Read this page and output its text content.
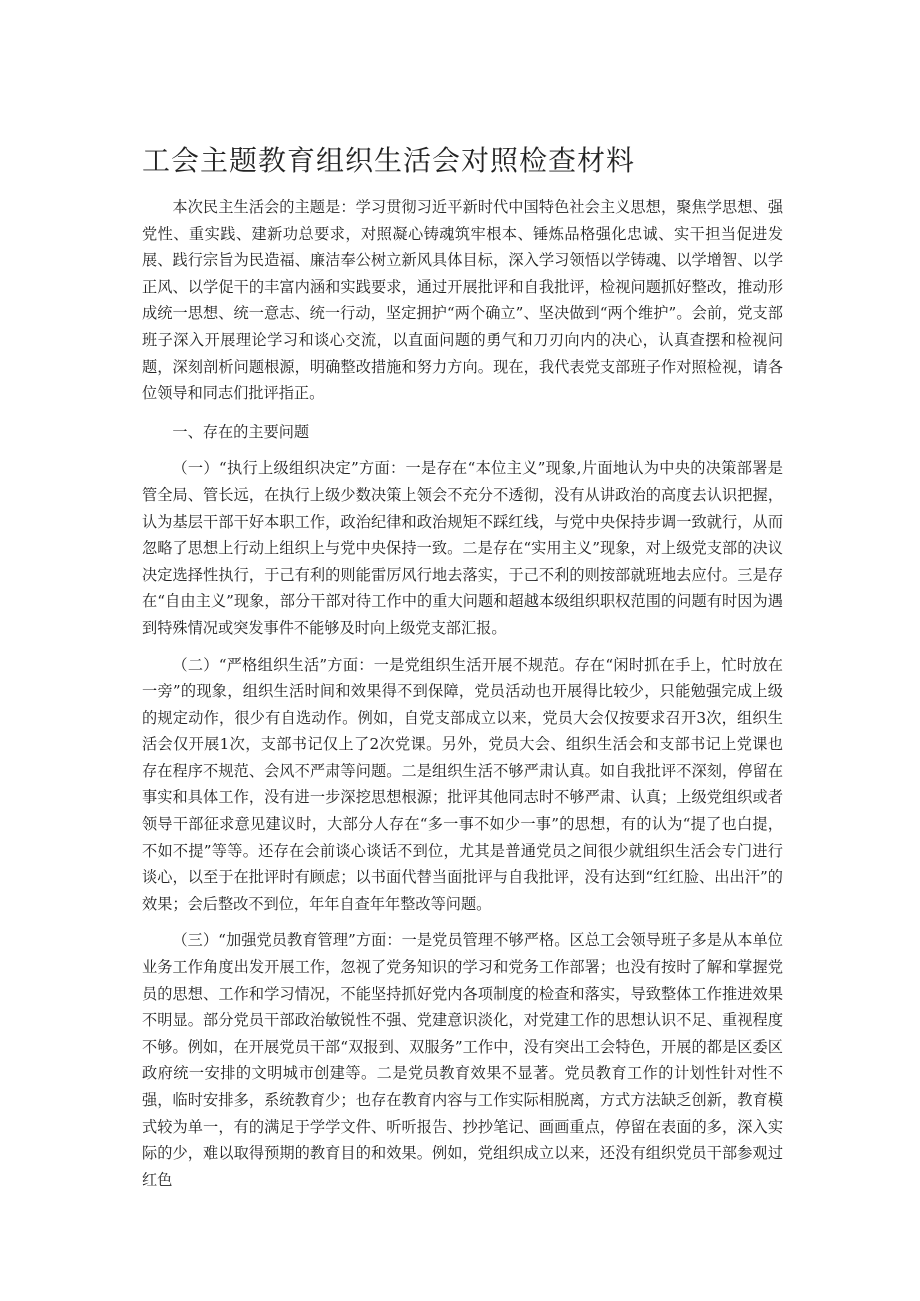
工会主题教育组织生活会对照检查材料

本次民主生活会的主题是：学习贯彻习近平新时代中国特色社会主义思想，聚焦学思想、强党性、重实践、建新功总要求，对照凝心铸魂筑牢根本、锤炼品格强化忠诚、实干担当促进发展、践行宗旨为民造福、廉洁奉公树立新风具体目标，深入学习领悟以学铸魂、以学增智、以学正风、以学促干的丰富内涵和实践要求，通过开展批评和自我批评，检视问题抓好整改，推动形成统一思想、统一意志、统一行动，坚定拥护“两个确立”、坚决做到“两个维护”。会前，党支部班子深入开展理论学习和谈心交流，以直面问题的勇气和刀刃向内的决心，认真查摆和检视问题，深刻剖析问题根源，明确整改措施和努力方向。现在，我代表党支部班子作对照检视，请各位领导和同志们批评指正。

一、存在的主要问题

（一）“执行上级组织决定”方面：一是存在“本位主义”现象,片面地认为中央的决策部署是管全局、管长远，在执行上级少数决策上领会不充分不透彻，没有从讲政治的高度去认识把握，认为基层干部干好本职工作，政治纪律和政治规矩不踩红线，与党中央保持步调一致就行，从而忽略了思想上行动上组织上与党中央保持一致。二是存在“实用主义”现象，对上级党支部的决议决定选择性执行，于己有利的则能雷厉风行地去落实，于己不利的则按部就班地去应付。三是存在“自由主义”现象，部分干部对待工作中的重大问题和超越本级组织职权范围的问题有时因为遇到特殊情况或突发事件不能够及时向上级党支部汇报。

（二）“严格组织生活”方面：一是党组织生活开展不规范。存在“闲时抓在手上，忙时放在一旁”的现象，组织生活时间和效果得不到保障，党员活动也开展得比较少，只能勉强完成上级的规定动作，很少有自选动作。例如，自党支部成立以来，党员大会仅按要求召开3次，组织生活会仅开展1次，支部书记仅上了2次党课。另外，党员大会、组织生活会和支部书记上党课也存在程序不规范、会风不严肃等问题。二是组织生活不够严肃认真。如自我批评不深刻，停留在事实和具体工作，没有进一步深挖思想根源；批评其他同志时不够严肃、认真；上级党组织或者领导干部征求意见建议时，大部分人存在“多一事不如少一事”的思想，有的认为“提了也白提，不如不提”等等。还存在会前谈心谈话不到位，尤其是普通党员之间很少就组织生活会专门进行谈心，以至于在批评时有顾虑；以书面代替当面批评与自我批评，没有达到“红红脸、出出汗”的效果；会后整改不到位，年年自查年年整改等问题。

（三）“加强党员教育管理”方面：一是党员管理不够严格。区总工会领导班子多是从本单位业务工作角度出发开展工作，忽视了党务知识的学习和党务工作部署；也没有按时了解和掌握党员的思想、工作和学习情况，不能坚持抓好党内各项制度的检查和落实，导致整体工作推进效果不明显。部分党员干部政治敏锐性不强、党建意识淡化，对党建工作的思想认识不足、重视程度不够。例如，在开展党员干部“双报到、双服务”工作中，没有突出工会特色，开展的都是区委区政府统一安排的文明城市创建等。二是党员教育效果不显著。党员教育工作的计划性针对性不强，临时安排多，系统教育少；也存在教育内容与工作实际相脱离，方式方法缺乏创新，教育模式较为单一，有的满足于学学文件、听听报告、抄抄笔记、画画重点，停留在表面的多，深入实际的少，难以取得预期的教育目的和效果。例如，党组织成立以来，还没有组织党员干部参观过红色
